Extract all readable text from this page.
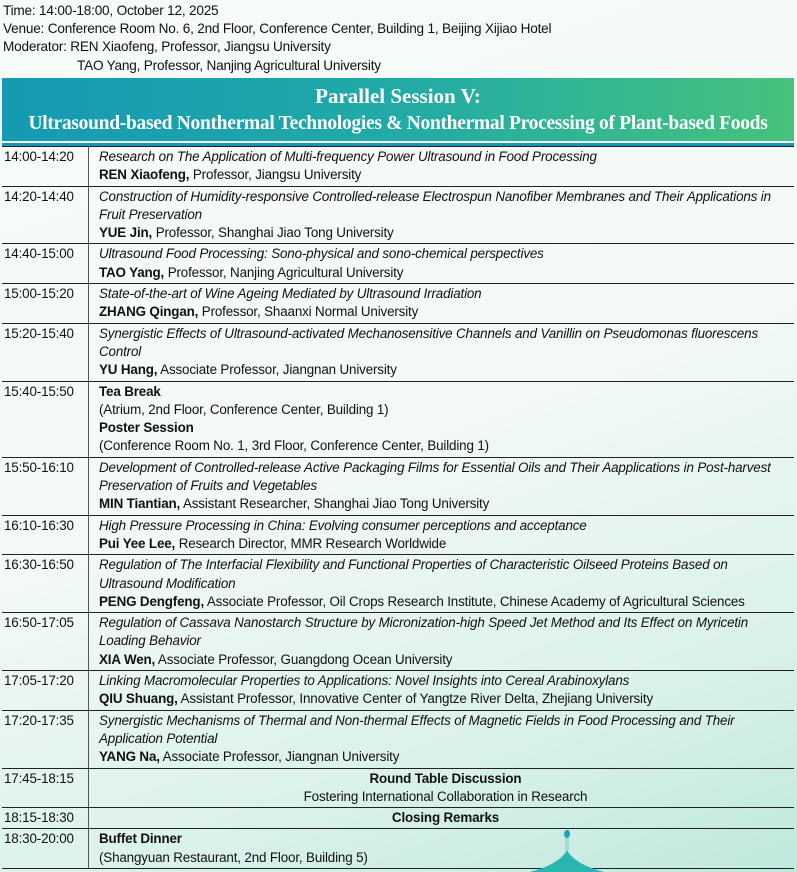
Time: 14:00-18:00, October 12, 2025
Venue: Conference Room No. 6, 2nd Floor, Conference Center, Building 1, Beijing Xijiao Hotel
Moderator: REN Xiaofeng, Professor, Jiangsu University
TAO Yang, Professor, Nanjing Agricultural University
Parallel Session V:
Ultrasound-based Nonthermal Technologies & Nonthermal Processing of Plant-based Foods
14:00-14:20	Research on The Application of Multi-frequency Power Ultrasound in Food Processing
REN Xiaofeng, Professor, Jiangsu University

14:20-14:40	Construction of Humidity-responsive Controlled-release Electrospun Nanofiber Membranes and Their Applications in Fruit Preservation
YUE Jin, Professor, Shanghai Jiao Tong University

14:40-15:00	Ultrasound Food Processing: Sono-physical and sono-chemical perspectives
TAO Yang, Professor, Nanjing Agricultural University

15:00-15:20	State-of-the-art of Wine Ageing Mediated by Ultrasound Irradiation
ZHANG Qingan, Professor, Shaanxi Normal University

15:20-15:40	Synergistic Effects of Ultrasound-activated Mechanosensitive Channels and Vanillin on Pseudomonas fluorescens Control
YU Hang, Associate Professor, Jiangnan University

15:40-15:50	Tea Break
(Atrium, 2nd Floor, Conference Center, Building 1)
Poster Session
(Conference Room No. 1, 3rd Floor, Conference Center, Building 1)

15:50-16:10	Development of Controlled-release Active Packaging Films for Essential Oils and Their Aapplications in Post-harvest Preservation of Fruits and Vegetables
MIN Tiantian, Assistant Researcher, Shanghai Jiao Tong University

16:10-16:30	High Pressure Processing in China: Evolving consumer perceptions and acceptance
Pui Yee Lee, Research Director, MMR Research Worldwide

16:30-16:50	Regulation of The Interfacial Flexibility and Functional Properties of Characteristic Oilseed Proteins Based on Ultrasound Modification
PENG Dengfeng, Associate Professor, Oil Crops Research Institute, Chinese Academy of Agricultural Sciences

16:50-17:05	Regulation of Cassava Nanostarch Structure by Micronization-high Speed Jet Method and Its Effect on Myricetin Loading Behavior
XIA Wen, Associate Professor, Guangdong Ocean University

17:05-17:20	Linking Macromolecular Properties to Applications: Novel Insights into Cereal Arabinoxylans
QIU Shuang, Assistant Professor, Innovative Center of Yangtze River Delta, Zhejiang University

17:20-17:35	Synergistic Mechanisms of Thermal and Non-thermal Effects of Magnetic Fields in Food Processing and Their Application Potential
YANG Na, Associate Professor, Jiangnan University

17:45-18:15	Round Table Discussion
Fostering International Collaboration in Research

18:15-18:30	Closing Remarks
18:30-20:00	Buffet Dinner
(Shangyuan Restaurant, 2nd Floor, Building 5)
